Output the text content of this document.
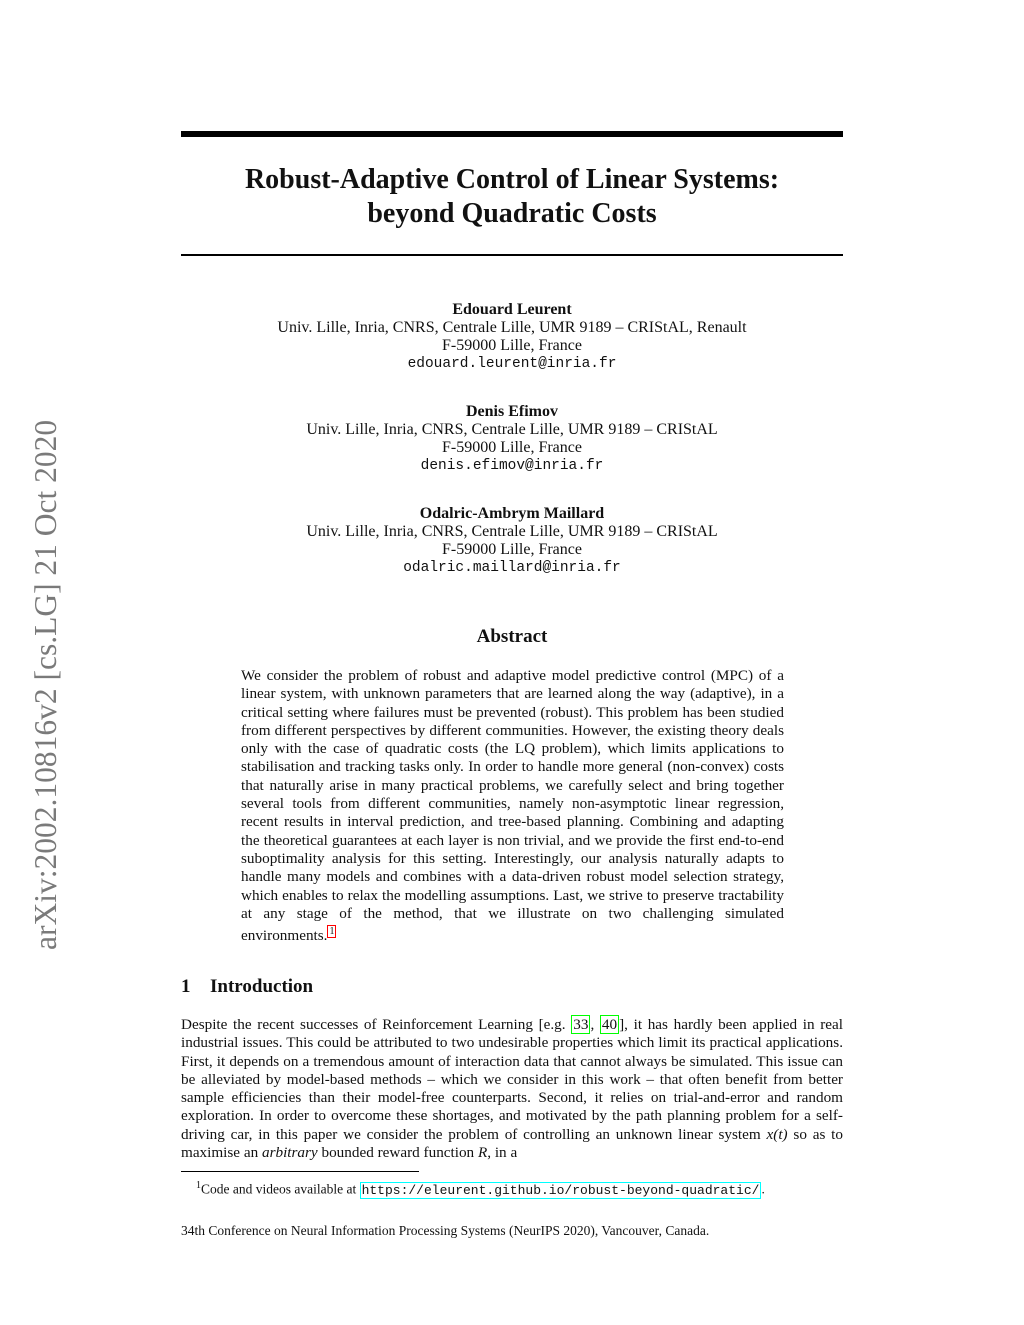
arXiv:2002.10816v2 [cs.LG] 21 Oct 2020
Robust-Adaptive Control of Linear Systems:
beyond Quadratic Costs
Edouard Leurent
Univ. Lille, Inria, CNRS, Centrale Lille, UMR 9189 – CRIStAL, Renault
F-59000 Lille, France
edouard.leurent@inria.fr
Denis Efimov
Univ. Lille, Inria, CNRS, Centrale Lille, UMR 9189 – CRIStAL
F-59000 Lille, France
denis.efimov@inria.fr
Odalric-Ambrym Maillard
Univ. Lille, Inria, CNRS, Centrale Lille, UMR 9189 – CRIStAL
F-59000 Lille, France
odalric.maillard@inria.fr
Abstract
We consider the problem of robust and adaptive model predictive control (MPC) of a linear system, with unknown parameters that are learned along the way (adaptive), in a critical setting where failures must be prevented (robust). This problem has been studied from different perspectives by different communities. However, the existing theory deals only with the case of quadratic costs (the LQ problem), which limits applications to stabilisation and tracking tasks only. In order to handle more general (non-convex) costs that naturally arise in many practical problems, we carefully select and bring together several tools from different communities, namely non-asymptotic linear regression, recent results in interval prediction, and tree-based planning. Combining and adapting the theoretical guarantees at each layer is non trivial, and we provide the first end-to-end suboptimality analysis for this setting. Interestingly, our analysis naturally adapts to handle many models and combines with a data-driven robust model selection strategy, which enables to relax the modelling assumptions. Last, we strive to preserve tractability at any stage of the method, that we illustrate on two challenging simulated environments. $^1$
1 Introduction
Despite the recent successes of Reinforcement Learning [e.g. 33 , 40 ], it has hardly been applied in real industrial issues. This could be attributed to two undesirable properties which limit its practical applications. First, it depends on a tremendous amount of interaction data that cannot always be simulated. This issue can be alleviated by model-based methods – which we consider in this work – that often benefit from better sample efficiencies than their model-free counterparts. Second, it relies on trial-and-error and random exploration. In order to overcome these shortages, and motivated by the path planning problem for a self-driving car, in this paper we consider the problem of controlling an unknown linear system x(t) so as to maximise an arbitrary bounded reward function R, in a
$^1$Code and videos available at https://eleurent.github.io/robust-beyond-quadratic/ .
34th Conference on Neural Information Processing Systems (NeurIPS 2020), Vancouver, Canada.
